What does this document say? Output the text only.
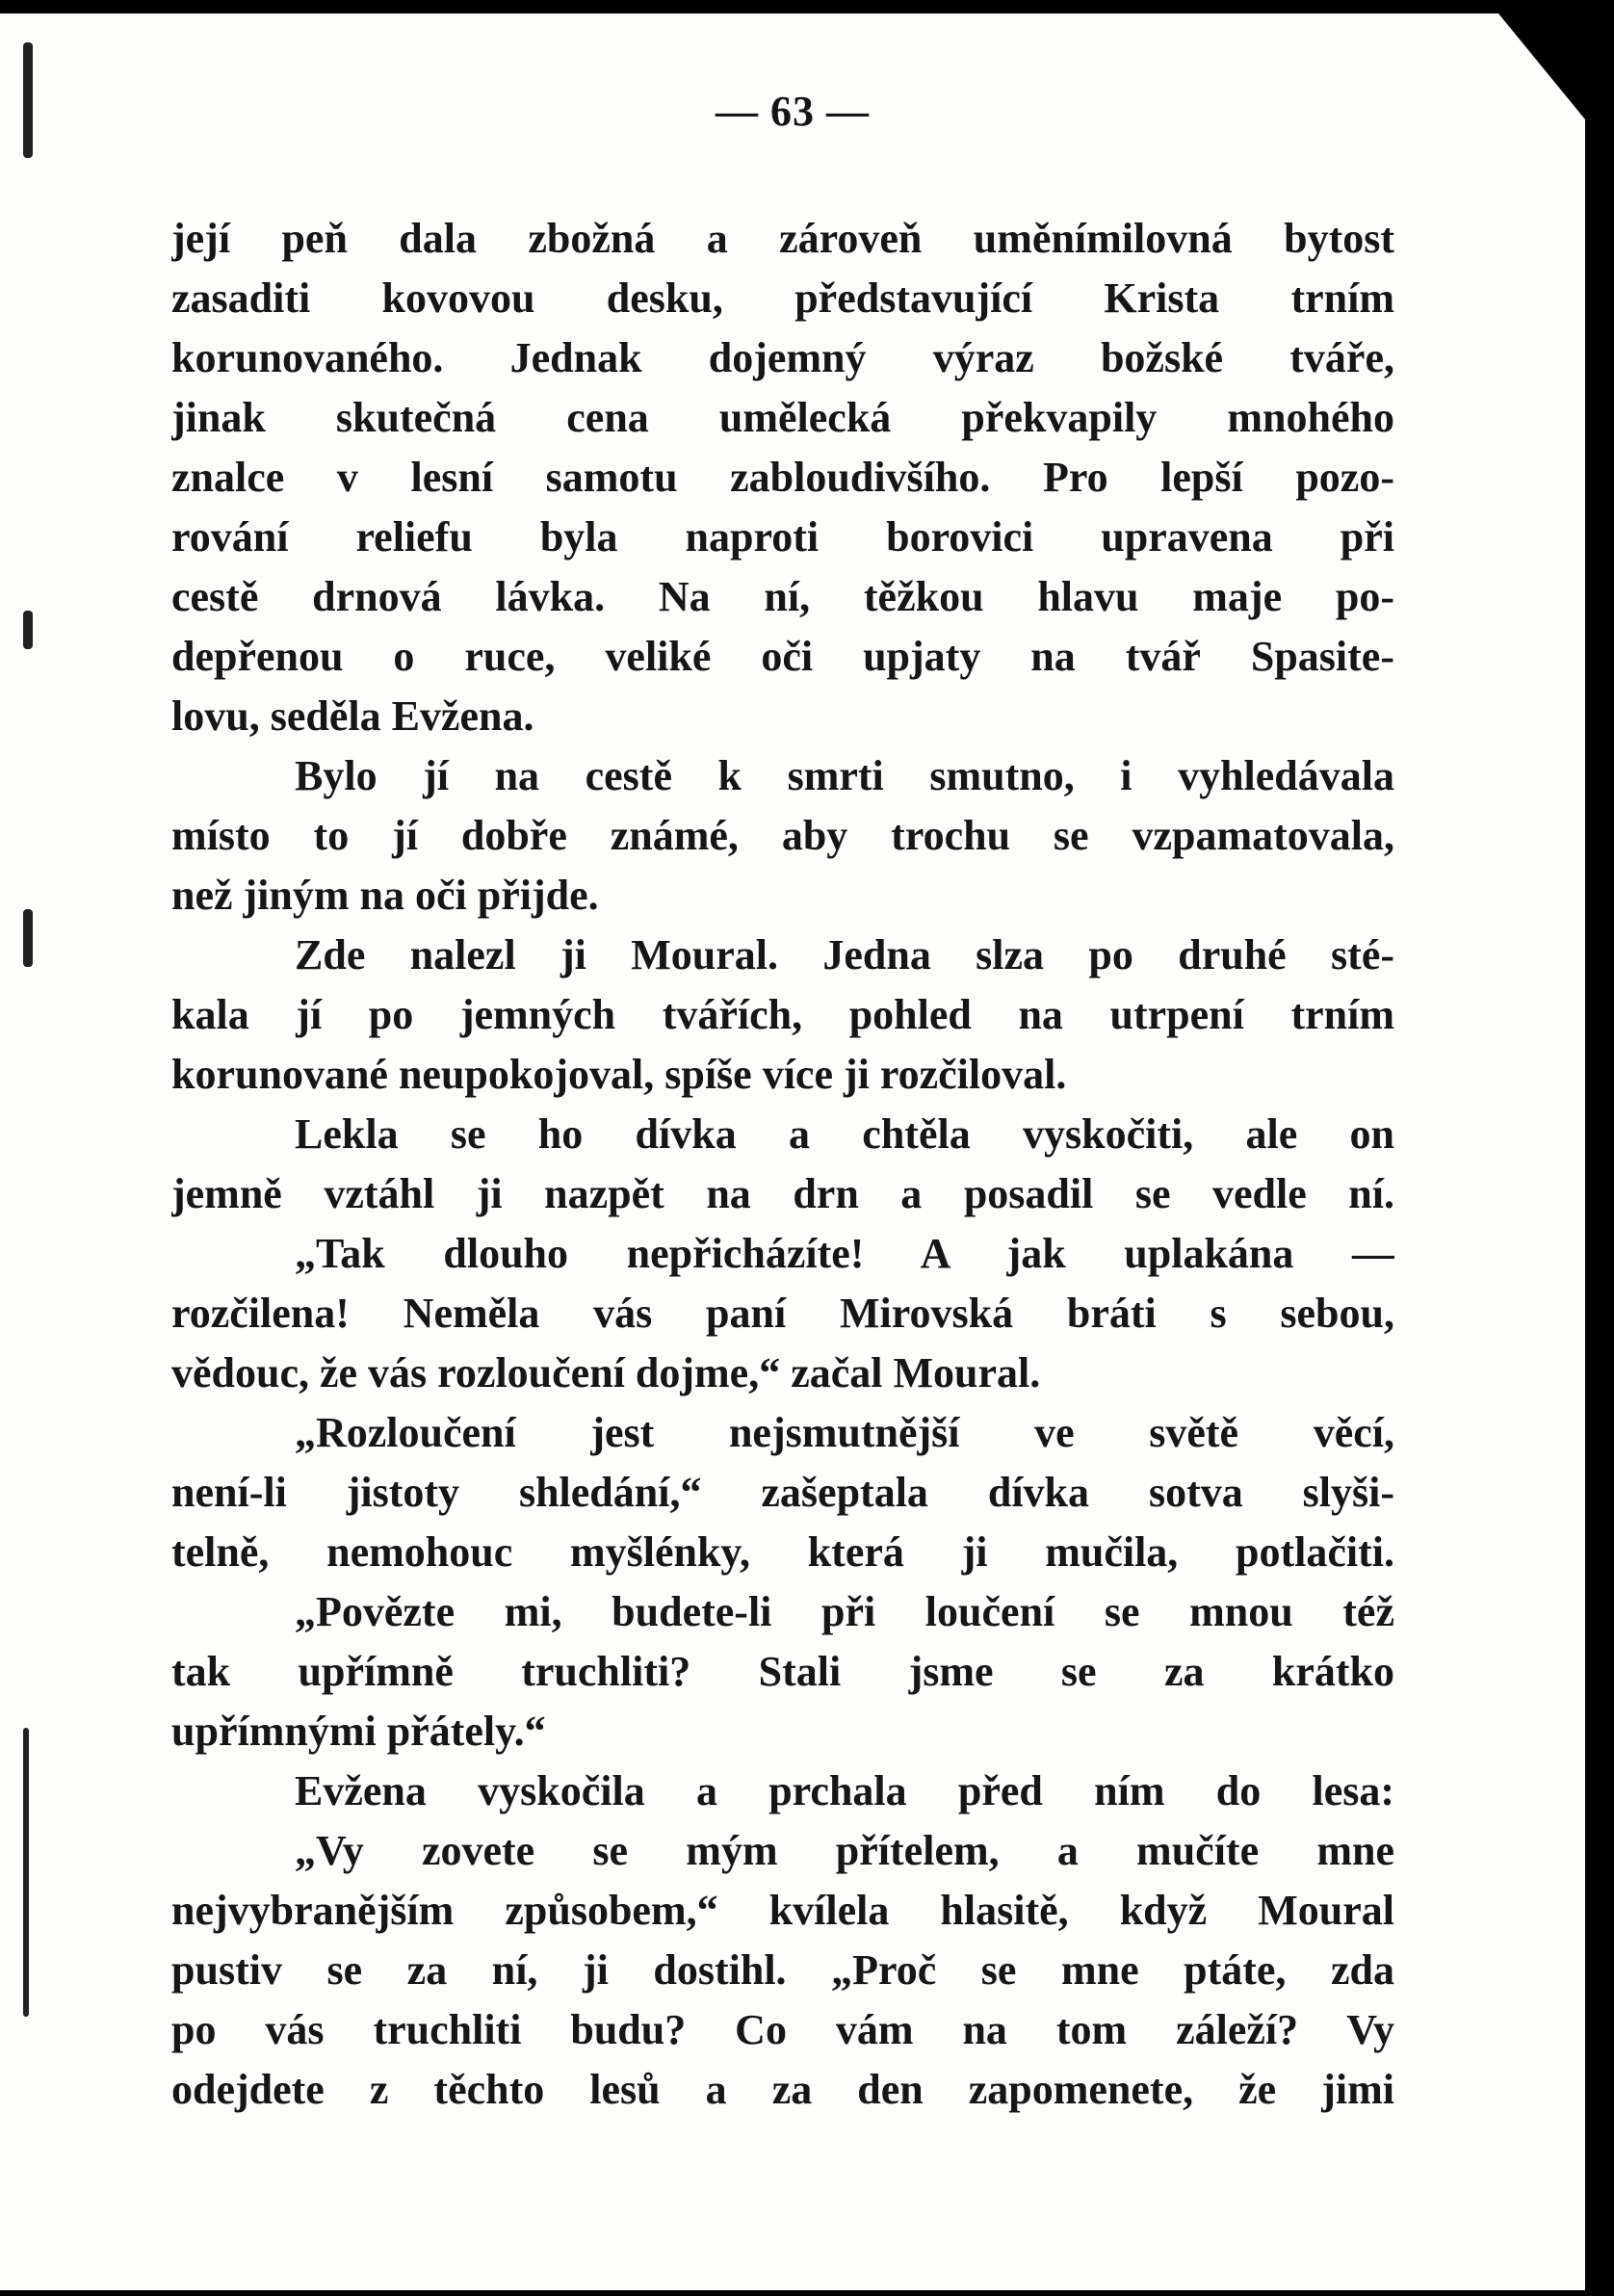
— 63 —
její peň dala zbožná a zároveň uměnímilovná bytost
zasaditi kovovou desku, představující Krista trním
korunovaného. Jednak dojemný výraz božské tváře,
jinak skutečná cena umělecká překvapily mnohého
znalce v lesní samotu zabloudivšího. Pro lepší pozo-
rování reliefu byla naproti borovici upravena při
cestě drnová lávka. Na ní, těžkou hlavu maje po-
depřenou o ruce, veliké oči upjaty na tvář Spasite-
lovu, seděla Evžena.
Bylo jí na cestě k smrti smutno, i vyhledávala
místo to jí dobře známé, aby trochu se vzpamatovala,
než jiným na oči přijde.
Zde nalezl ji Moural. Jedna slza po druhé sté-
kala jí po jemných tvářích, pohled na utrpení trním
korunované neupokojoval, spíše více ji rozčiloval.
Lekla se ho dívka a chtěla vyskočiti, ale on
jemně vztáhl ji nazpět na drn a posadil se vedle ní.
„Tak dlouho nepřicházíte! A jak uplakána —
rozčilena! Neměla vás paní Mirovská bráti s sebou,
vědouc, že vás rozloučení dojme,“ začal Moural.
„Rozloučení jest nejsmutnější ve světě věcí,
není-li jistoty shledání,“ zašeptala dívka sotva slyši-
telně, nemohouc myšlénky, která ji mučila, potlačiti.
„Povězte mi, budete-li při loučení se mnou též
tak upřímně truchliti? Stali jsme se za krátko
upřímnými přátely.“
Evžena vyskočila a prchala před ním do lesa:
„Vy zovete se mým přítelem, a mučíte mne
nejvybranějším způsobem,“ kvílela hlasitě, když Moural
pustiv se za ní, ji dostihl. „Proč se mne ptáte, zda
po vás truchliti budu? Co vám na tom záleží? Vy
odejdete z těchto lesů a za den zapomenete, že jimi
